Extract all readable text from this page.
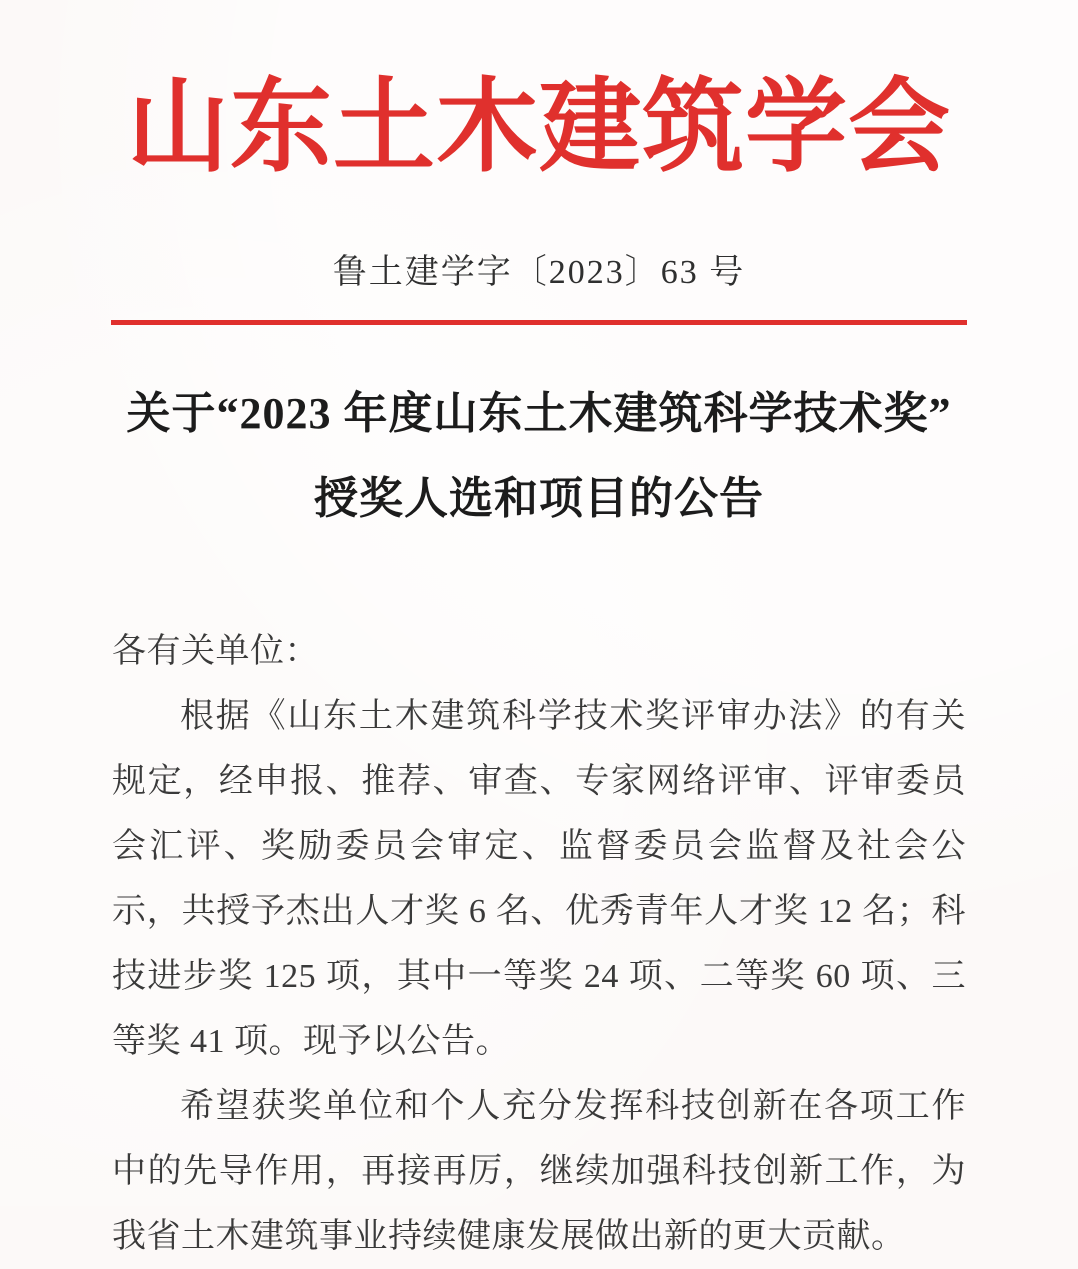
山东土木建筑学会
鲁土建学字〔2023〕63 号
关于“2023 年度山东土木建筑科学技术奖”
授奖人选和项目的公告

各有关单位：

根据《山东土木建筑科学技术奖评审办法》的有关规定，经申报、推荐、审查、专家网络评审、评审委员会汇评、奖励委员会审定、监督委员会监督及社会公示，共授予杰出人才奖 6 名、优秀青年人才奖 12 名；科技进步奖 125 项，其中一等奖 24 项、二等奖 60 项、三等奖 41 项。现予以公告。

希望获奖单位和个人充分发挥科技创新在各项工作中的先导作用，再接再厉，继续加强科技创新工作，为我省土木建筑事业持续健康发展做出新的更大贡献。
